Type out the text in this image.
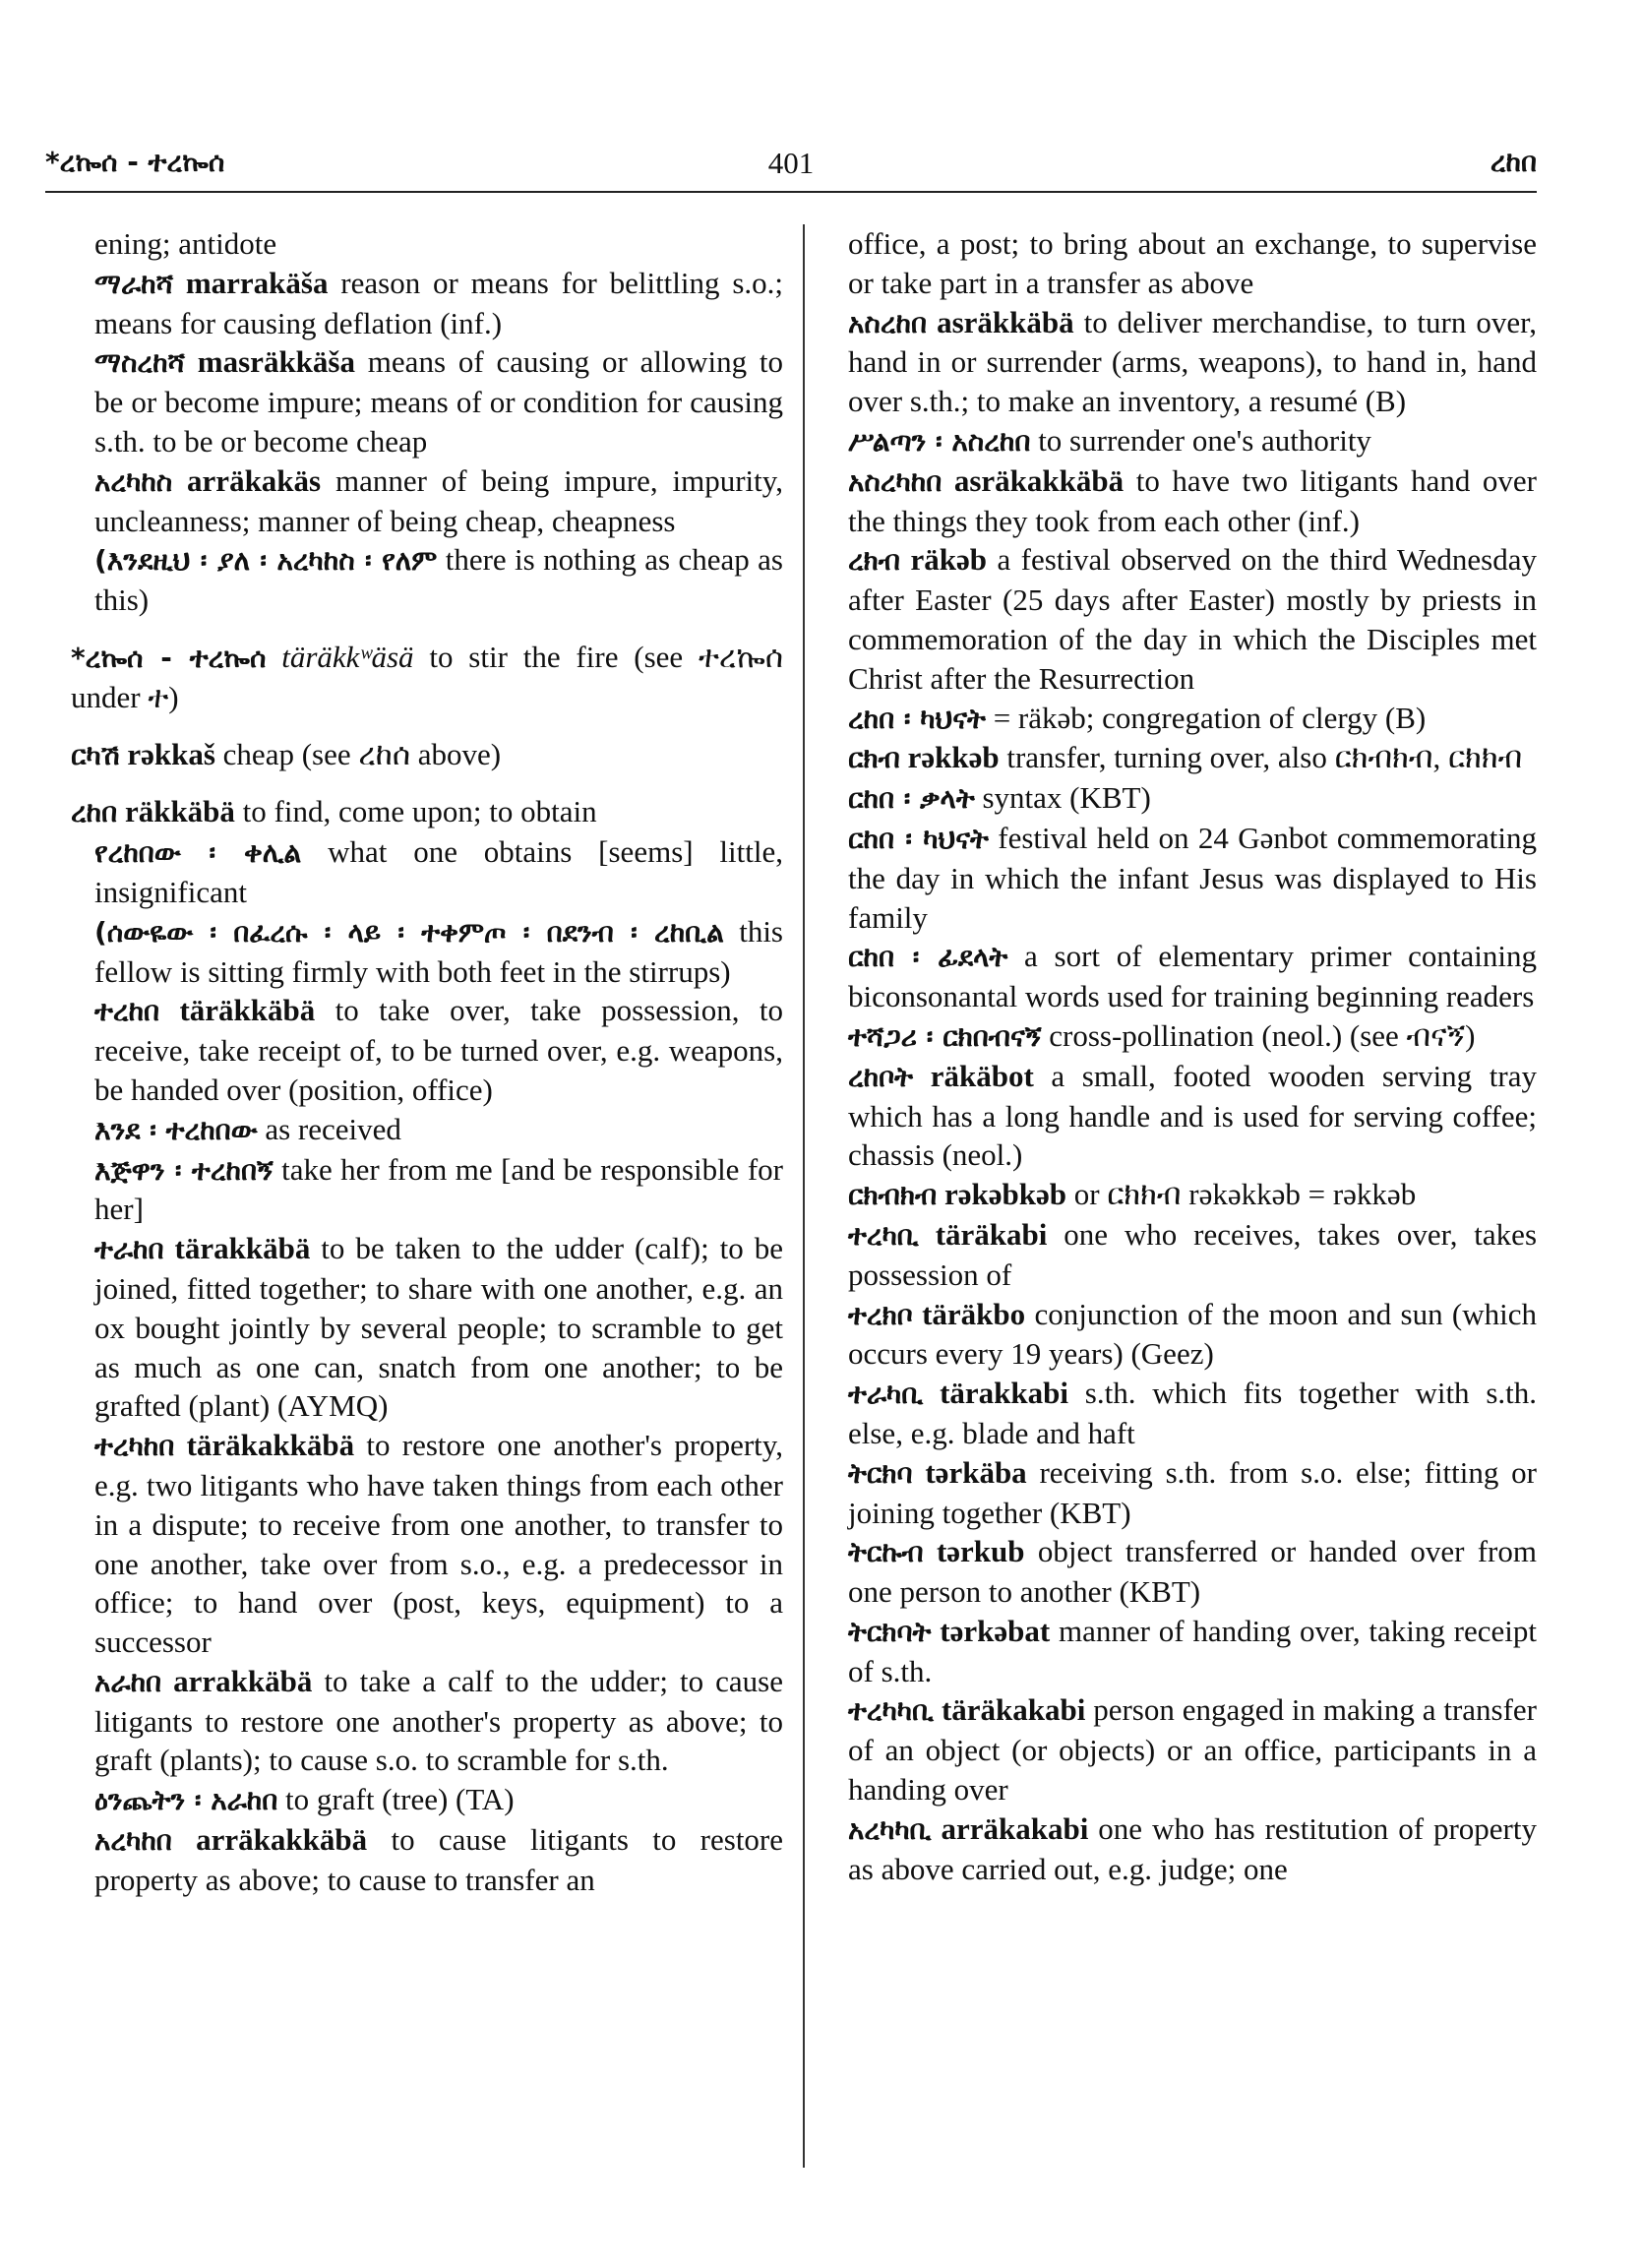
*ረኰሰ - ተረኰሰ	401	ረከበ

ening; antidote

ማራከሻ marrakäša reason or means for belittling s.o.; means for causing deflation (inf.)

ማስረከሻ masräkkäša means of causing or allowing to be or become impure; means of or condition for causing s.th. to be or become cheap

አረካከስ arräkakäs manner of being impure, impurity, uncleanness; manner of being cheap, cheapness

(እንደዚህ ፡ ያለ ፡ አረካከስ ፡ የለም there is nothing as cheap as this)

*ረኰሰ - ተረኰሰ täräkkʷäsä to stir the fire (see ተረኰሰ under ተ)

ርካሽ rəkkaš cheap (see ረከሰ above)

ረከበ räkkäbä to find, come upon; to obtain

የረከበው ፡ ቀሊል what one obtains [seems] little, insignificant

(ሰውዬው ፡ በፈረሱ ፡ ላይ ፡ ተቀምጦ ፡ በደንብ ፡ ረከቢል this fellow is sitting firmly with both feet in the stirrups)

ተረከበ täräkkäbä to take over, take possession, to receive, take receipt of, to be turned over, e.g. weapons, be handed over (position, office)

እንደ ፡ ተረከበው as received

እጅዋን ፡ ተረከበኝ take her from me [and be responsible for her]

ተራከበ tärakkäbä to be taken to the udder (calf); to be joined, fitted together; to share with one another, e.g. an ox bought jointly by several people; to scramble to get as much as one can, snatch from one another; to be grafted (plant) (AYMQ)

ተረካከበ täräkakkäbä to restore one another's property, e.g. two litigants who have taken things from each other in a dispute; to receive from one another, to transfer to one another, take over from s.o., e.g. a predecessor in office; to hand over (post, keys, equipment) to a successor

አራከበ arrakkäbä to take a calf to the udder; to cause litigants to restore one another's property as above; to graft (plants); to cause s.o. to scramble for s.th.

ዕንጨትን ፡ አራከበ to graft (tree) (TA)

አረካከበ arräkakkäbä to cause litigants to restore property as above; to cause to transfer an

office, a post; to bring about an exchange, to supervise or take part in a transfer as above

አስረከበ asräkkäbä to deliver merchandise, to turn over, hand in or surrender (arms, weapons), to hand in, hand over s.th.; to make an inventory, a resumé (B)

ሥልጣን ፡ አስረከበ to surrender one's authority

አስረካከበ asräkakkäbä to have two litigants hand over the things they took from each other (inf.)

ረክብ räkəb a festival observed on the third Wednesday after Easter (25 days after Easter) mostly by priests in commemoration of the day in which the Disciples met Christ after the Resurrection

ረከበ ፡ ካህናት = räkəb; congregation of clergy (B)

ርክብ rəkkəb transfer, turning over, also ርክብክብ, ርክክብ

ርከበ ፡ ቃላት syntax (KBT)

ርከበ ፡ ካህናት festival held on 24 Gənbot commemorating the day in which the infant Jesus was displayed to His family

ርከበ ፡ ፊደላት a sort of elementary primer containing biconsonantal words used for training beginning readers

ተሻጋሪ ፡ ርክበብናኝ cross-pollination (neol.) (see ብናኝ)

ረከቦት räkäbot a small, footed wooden serving tray which has a long handle and is used for serving coffee; chassis (neol.)

ርክብክብ rəkəbkəb or ርክክብ rəkəkkəb = rəkkəb

ተረካቢ täräkabi one who receives, takes over, takes possession of

ተረክቦ täräkbo conjunction of the moon and sun (which occurs every 19 years) (Geez)

ተራካቢ tärakkabi s.th. which fits together with s.th. else, e.g. blade and haft

ትርክባ tərkäba receiving s.th. from s.o. else; fitting or joining together (KBT)

ትርኩብ tərkub object transferred or handed over from one person to another (KBT)

ትርክባት tərkəbat manner of handing over, taking receipt of s.th.

ተረካካቢ täräkakabi person engaged in making a transfer of an object (or objects) or an office, participants in a handing over

አረካካቢ arräkakabi one who has restitution of property as above carried out, e.g. judge; one
